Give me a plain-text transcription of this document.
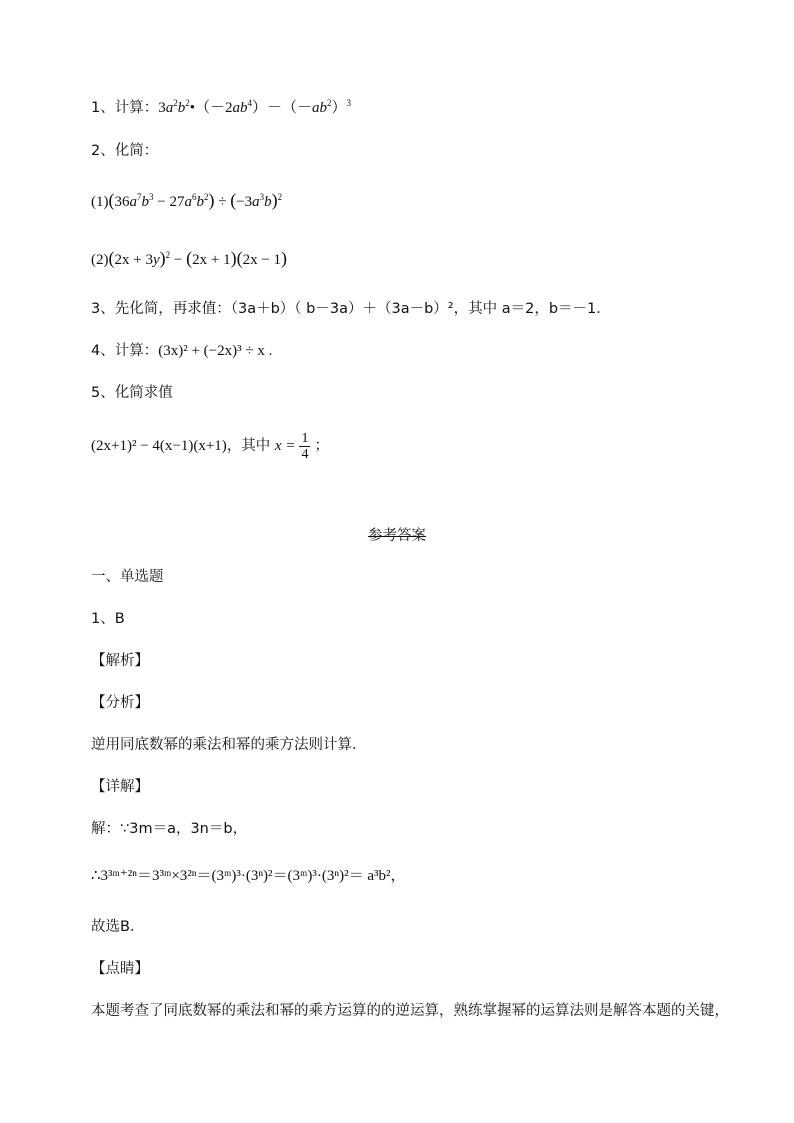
1、计算：$3a^2b^2•(-2ab^4)-(-ab^2)^3$
2、化简：
$(1)(36a^7b^3 - 27a^6b^2) \div (-3a^3b)^2$
$(2)(2x + 3y)^2 - (2x + 1)(2x - 1)$
3、先化简，再求值：（3a＋b）（ b－3a）＋（3a－b）²，其中 a＝2，b＝－1．
4、计算：(3x)² + (−2x)³ ÷ x .
5、化简求值
(2x+1)² − 4(x−1)(x+1)，其中 $x = \frac{1}{4}$ ；
参考答案
一、单选题
1、B
【解析】
【分析】
逆用同底数幂的乘法和幂的乘方法则计算．
【详解】
解：∵3m＝a，3n＝b，
∴3³ᵐ⁺²ⁿ＝3³ᵐ×3²ⁿ＝(3ᵐ)³·(3ⁿ)²＝(3ᵐ)³·(3ⁿ)²＝ a³b²，
故选B．
【点睛】
本题考查了同底数幂的乘法和幂的乘方运算的的逆运算，熟练掌握幂的运算法则是解答本题的关键，
